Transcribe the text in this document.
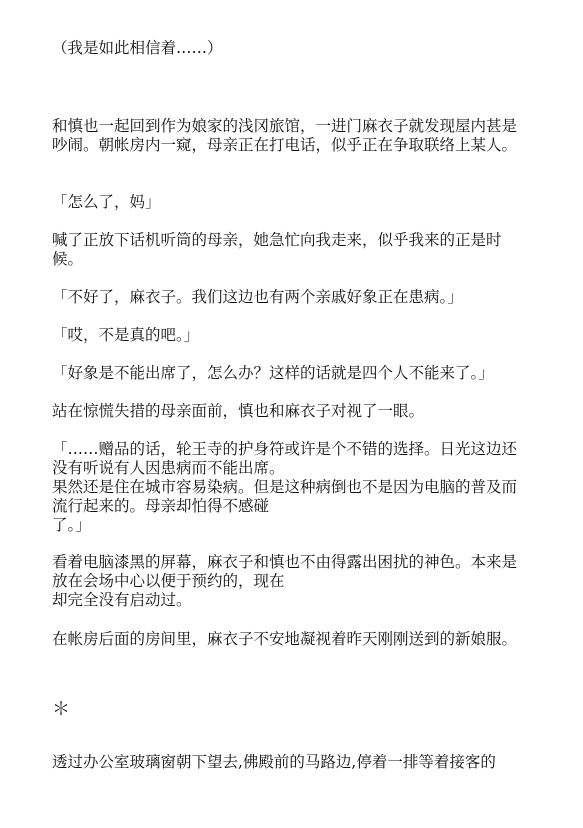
（我是如此相信着……）

和慎也一起回到作为娘家的浅冈旅馆，一进门麻衣子就发现屋内甚是吵闹。朝帐房内一窥，母亲正在打电话，似乎正在争取联络上某人。

「怎么了，妈」

喊了正放下话机听筒的母亲，她急忙向我走来，似乎我来的正是时候。

「不好了，麻衣子。我们这边也有两个亲戚好象正在患病。」

「哎，不是真的吧。」

「好象是不能出席了，怎么办？这样的话就是四个人不能来了。」

站在惊慌失措的母亲面前，慎也和麻衣子对视了一眼。

「……赠品的话，轮王寺的护身符或许是个不错的选择。日光这边还没有听说有人因患病而不能出席。
果然还是住在城市容易染病。但是这种病倒也不是因为电脑的普及而流行起来的。母亲却怕得不感碰
了。」

看着电脑漆黑的屏幕，麻衣子和慎也不由得露出困扰的神色。本来是放在会场中心以便于预约的，现在
却完全没有启动过。

在帐房后面的房间里，麻衣子不安地凝视着昨天刚刚送到的新娘服。

＊

透过办公室玻璃窗朝下望去,佛殿前的马路边,停着一排等着接客的
